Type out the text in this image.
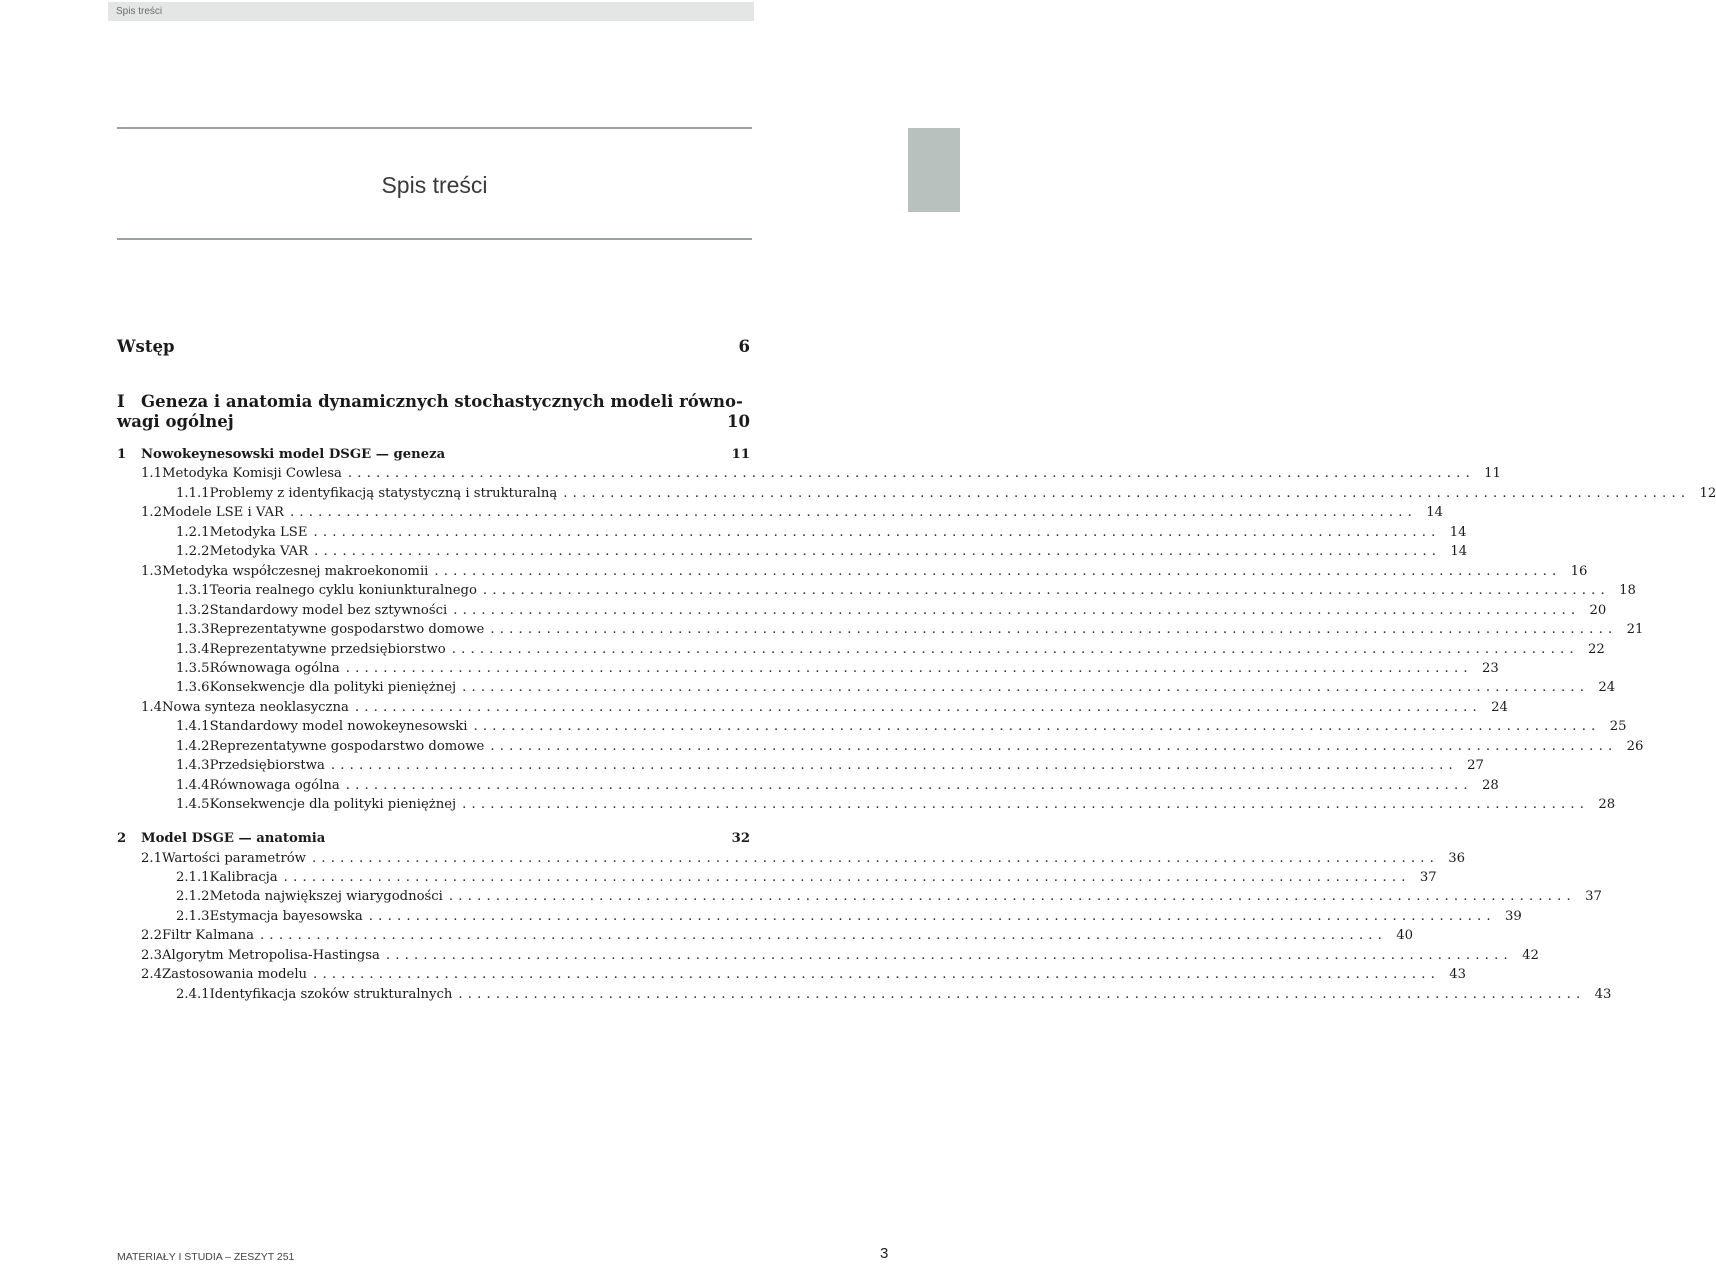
Spis treści
Spis treści
Wstęp	6
I Geneza i anatomia dynamicznych stochastycznych modeli równo-
wagi ogólnej	10
1	Nowokeynesowski model DSGE — geneza	11
1.1 Metodyka Komisji Cowlesa ........................................................................................................................ 11
1.1.1 Problemy z identyfikacją statystyczną i strukturalną ........................................................................................................................ 12
1.2 Modele LSE i VAR ........................................................................................................................ 14
1.2.1 Metodyka LSE ........................................................................................................................ 14
1.2.2 Metodyka VAR ........................................................................................................................ 14
1.3 Metodyka współczesnej makroekonomii ........................................................................................................................ 16
1.3.1 Teoria realnego cyklu koniunkturalnego ........................................................................................................................ 18
1.3.2 Standardowy model bez sztywności ........................................................................................................................ 20
1.3.3 Reprezentatywne gospodarstwo domowe ........................................................................................................................ 21
1.3.4 Reprezentatywne przedsiębiorstwo ........................................................................................................................ 22
1.3.5 Równowaga ogólna ........................................................................................................................ 23
1.3.6 Konsekwencje dla polityki pieniężnej ........................................................................................................................ 24
1.4 Nowa synteza neoklasyczna ........................................................................................................................ 24
1.4.1 Standardowy model nowokeynesowski ........................................................................................................................ 25
1.4.2 Reprezentatywne gospodarstwo domowe ........................................................................................................................ 26
1.4.3 Przedsiębiorstwa ........................................................................................................................ 27
1.4.4 Równowaga ogólna ........................................................................................................................ 28
1.4.5 Konsekwencje dla polityki pieniężnej ........................................................................................................................ 28
2	Model DSGE — anatomia	32
2.1 Wartości parametrów ........................................................................................................................ 36
2.1.1 Kalibracja ........................................................................................................................ 37
2.1.2 Metoda największej wiarygodności ........................................................................................................................ 37
2.1.3 Estymacja bayesowska ........................................................................................................................ 39
2.2 Filtr Kalmana ........................................................................................................................ 40
2.3 Algorytm Metropolisa-Hastingsa ........................................................................................................................ 42
2.4 Zastosowania modelu ........................................................................................................................ 43
2.4.1 Identyfikacja szoków strukturalnych ........................................................................................................................ 43
MATERIAŁY I STUDIA – ZESZYT 251	3
